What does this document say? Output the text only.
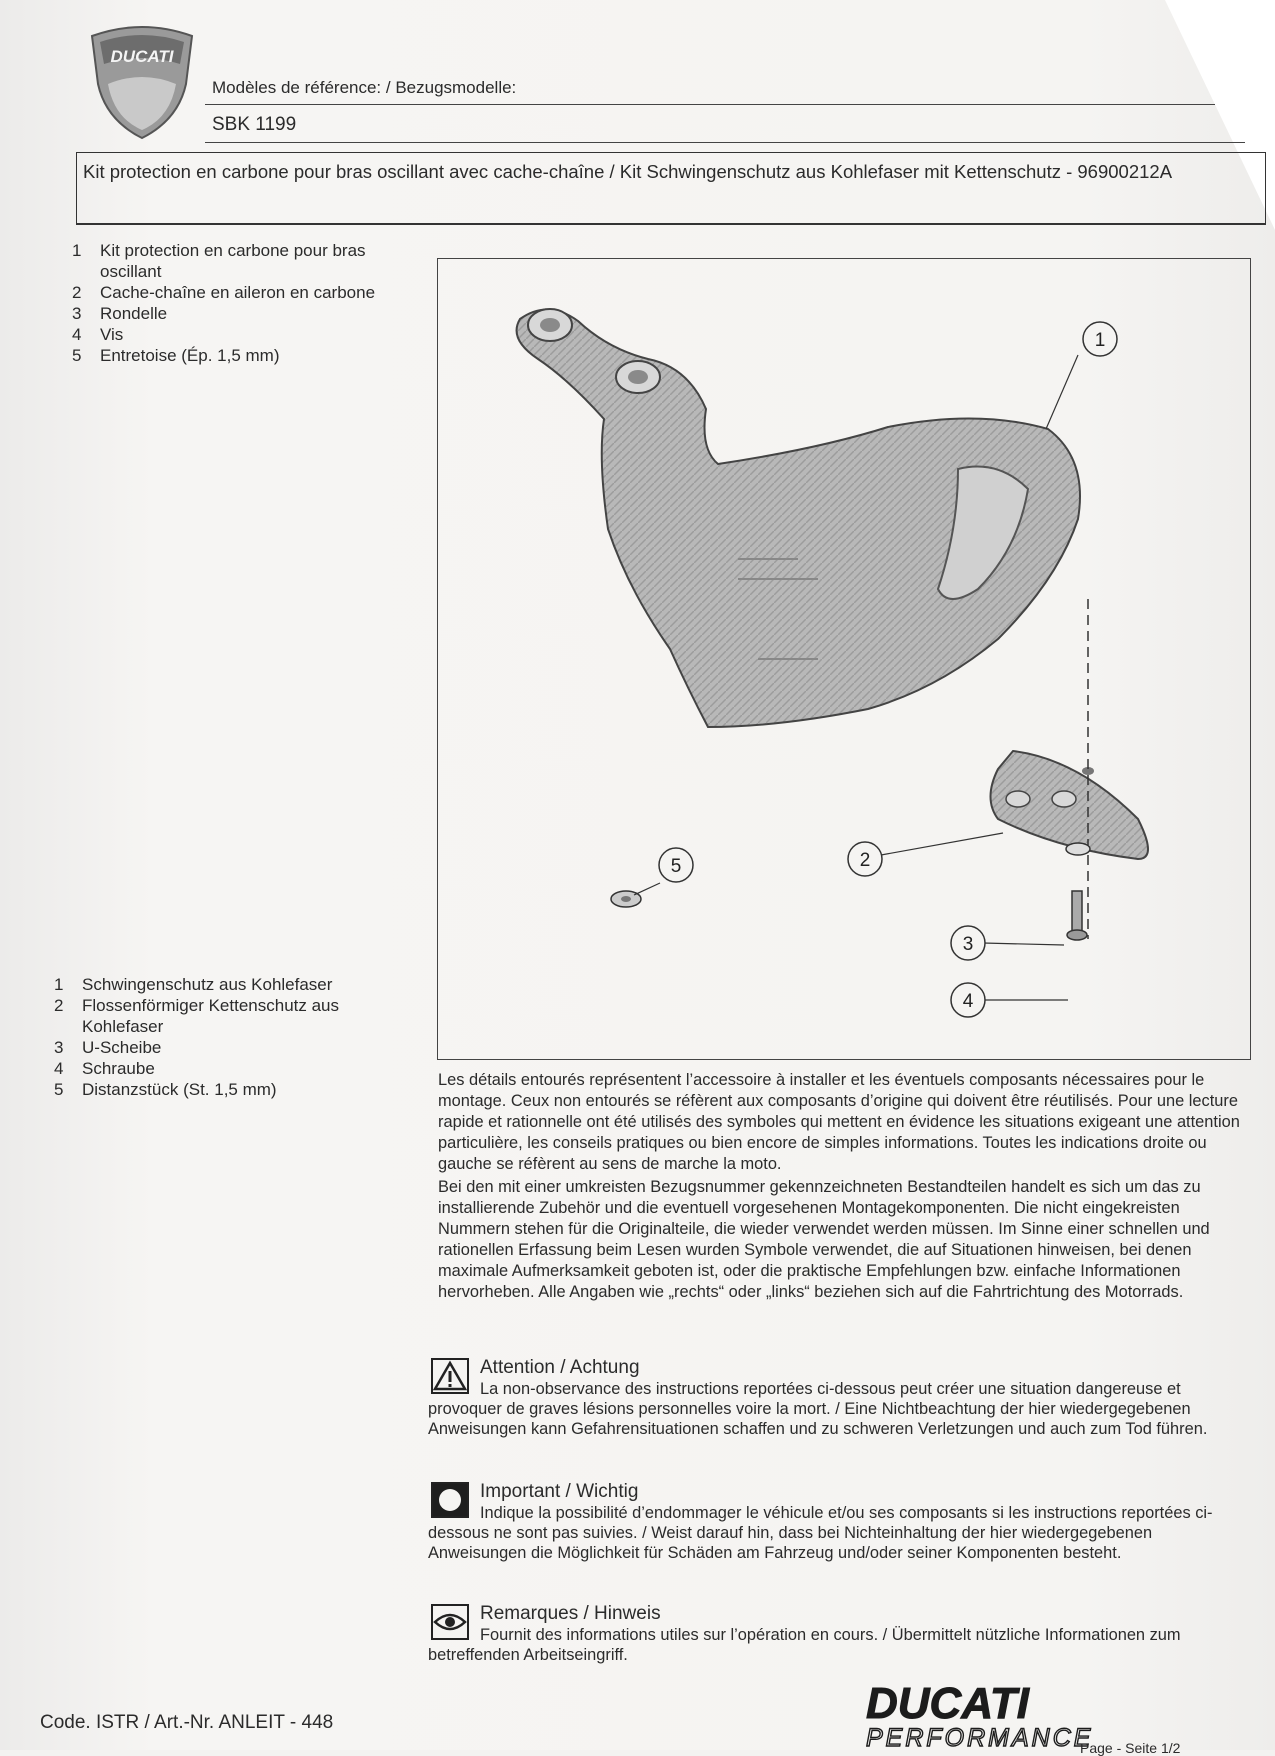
DUCATI
Modèles de référence: / Bezugsmodelle:
SBK 1199
Kit protection en carbone pour bras oscillant avec cache-chaîne / Kit Schwingenschutz aus Kohlefaser mit Kettenschutz - 96900212A
1	Kit protection en carbone pour bras oscillant
2	Cache-chaîne en aileron en carbone
3	Rondelle
4	Vis
5	Entretoise (Ép. 1,5 mm)
1	Schwingenschutz aus Kohlefaser
2	Flossenförmiger Kettenschutz aus Kohlefaser
3	U-Scheibe
4	Schraube
5	Distanzstück (St. 1,5 mm)
1
2
3
4
5

Les détails entourés représentent l’accessoire à installer et les éventuels composants nécessaires pour le montage. Ceux non entourés se réfèrent aux composants d’origine qui doivent être réutilisés. Pour une lecture rapide et rationnelle ont été utilisés des symboles qui mettent en évidence les situations exigeant une attention particulière, les conseils pratiques ou bien encore de simples informations. Toutes les indications droite ou gauche se réfèrent au sens de marche la moto.

Bei den mit einer umkreisten Bezugsnummer gekennzeichneten Bestandteilen handelt es sich um das zu installierende Zubehör und die eventuell vorgesehenen Montagekomponenten. Die nicht eingekreisten Nummern stehen für die Originalteile, die wieder verwendet werden müssen. Im Sinne einer schnellen und rationellen Erfassung beim Lesen wurden Symbole verwendet, die auf Situationen hinweisen, bei denen maximale Aufmerksamkeit geboten ist, oder die praktische Empfehlungen bzw. einfache Informationen hervorheben. Alle Angaben wie „rechts“ oder „links“ beziehen sich auf die Fahrtrichtung des Motorrads.

Attention / Achtung
La non-observance des instructions reportées ci-dessous peut créer une situation dangereuse et provoquer de graves lésions personnelles voire la mort. / Eine Nichtbeachtung der hier wiedergegebenen Anweisungen kann Gefahrensituationen schaffen und zu schweren Verletzungen und auch zum Tod führen.
Important / Wichtig
Indique la possibilité d’endommager le véhicule et/ou ses composants si les instructions reportées ci-dessous ne sont pas suivies. / Weist darauf hin, dass bei Nichteinhaltung der hier wiedergegebenen Anweisungen die Möglichkeit für Schäden am Fahrzeug und/oder seiner Komponenten besteht.
Remarques / Hinweis
Fournit des informations utiles sur l’opération en cours. / Übermittelt nützliche Informationen zum betreffenden Arbeitseingriff.
Code. ISTR / Art.-Nr. ANLEIT - 448	DUCATI
PERFORMANCE
Page - Seite 1/2
